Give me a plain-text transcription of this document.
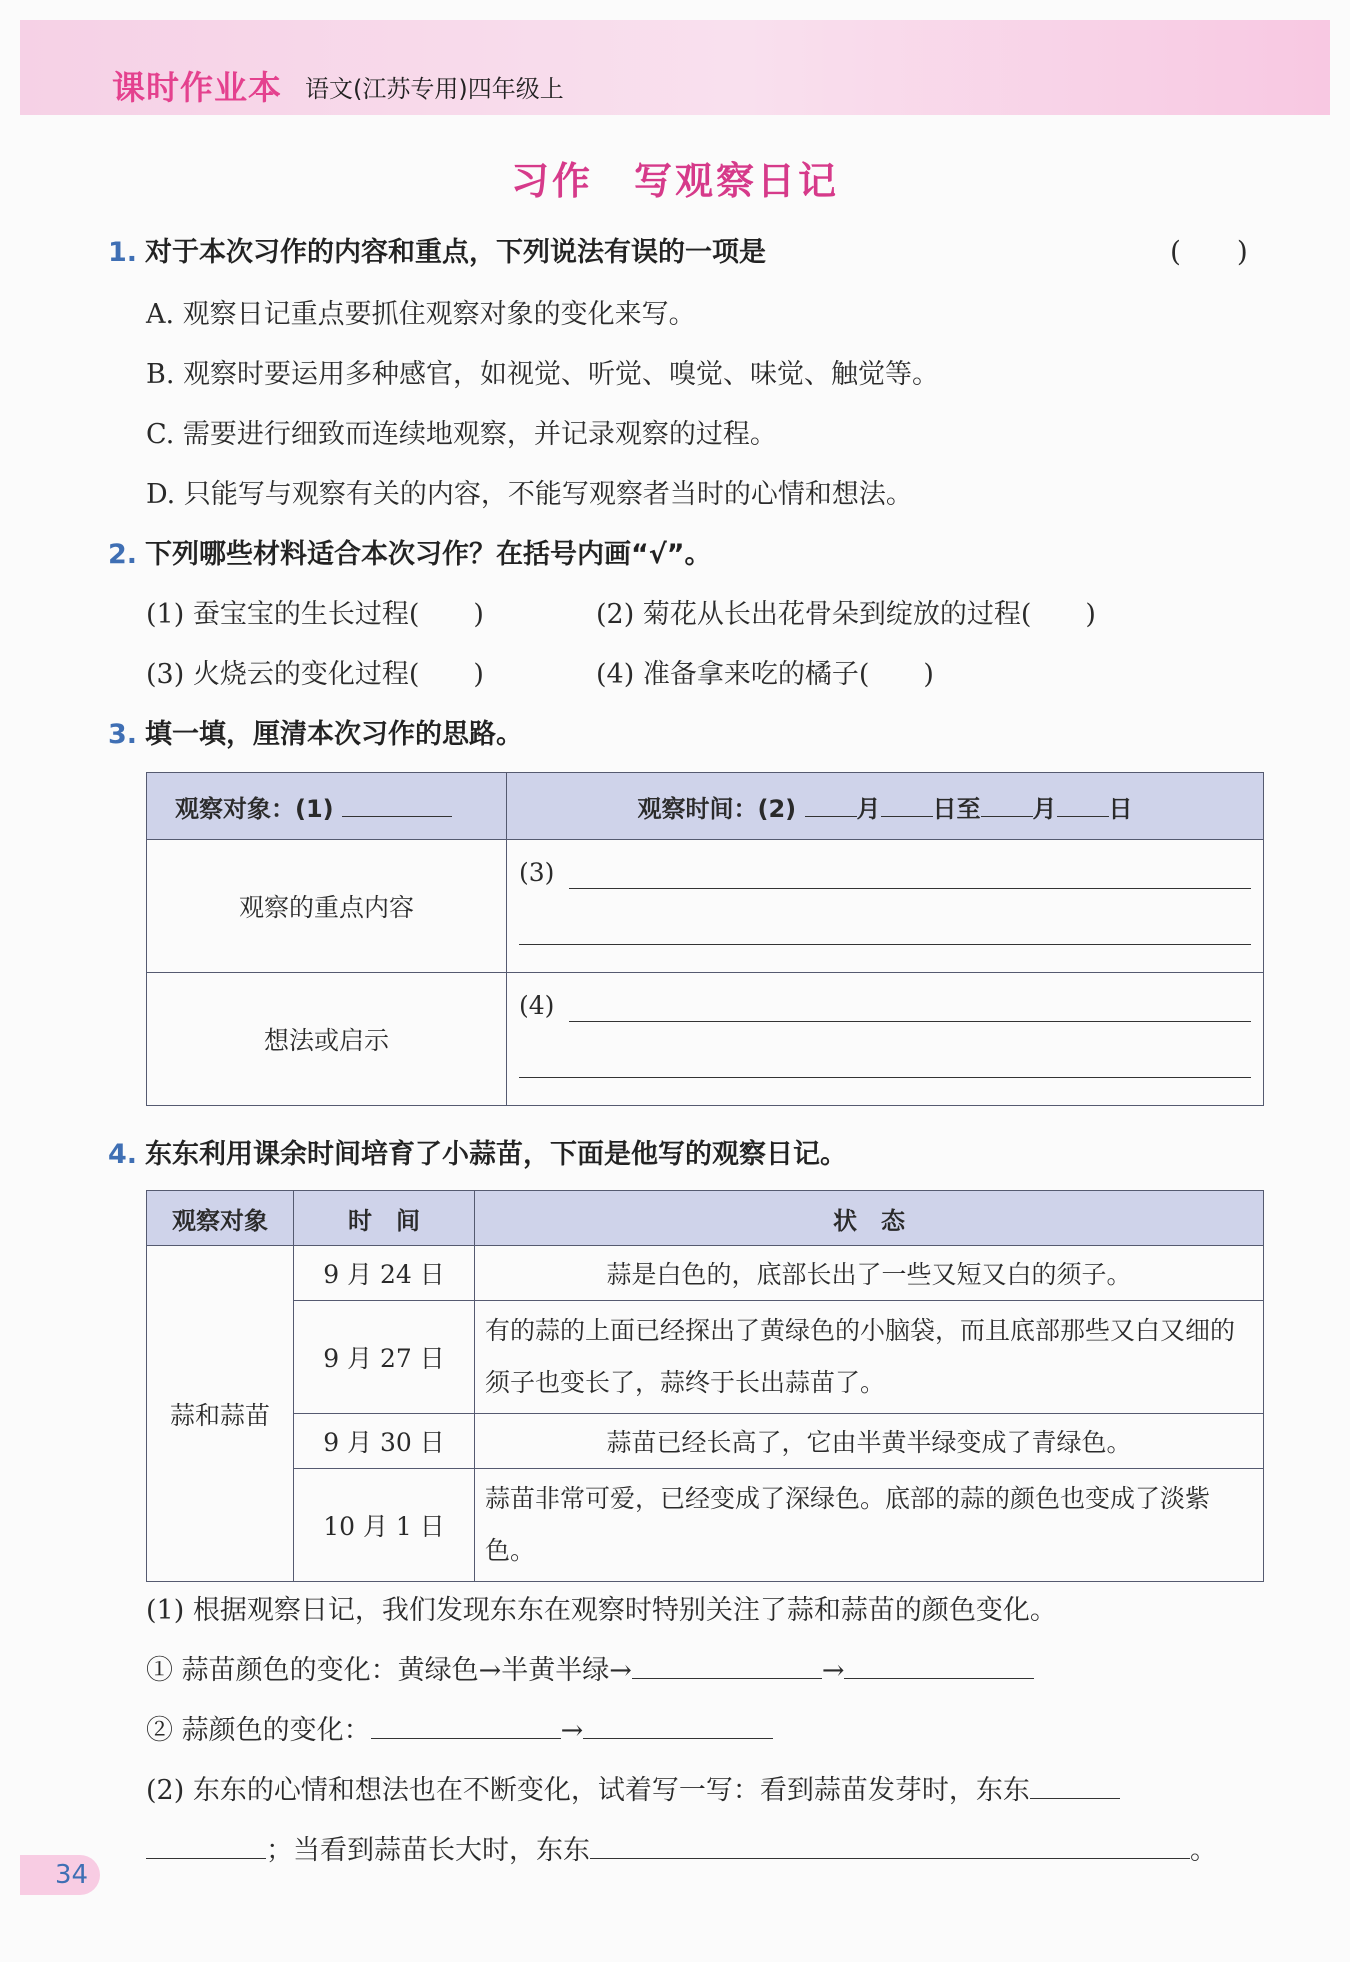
课时作业本 语文(江苏专用)四年级上
习作　写观察日记
1. 对于本次习作的内容和重点，下列说法有误的一项是	(　　)
A. 观察日记重点要抓住观察对象的变化来写。
B. 观察时要运用多种感官，如视觉、听觉、嗅觉、味觉、触觉等。
C. 需要进行细致而连续地观察，并记录观察的过程。
D. 只能写与观察有关的内容，不能写观察者当时的心情和想法。
2. 下列哪些材料适合本次习作？在括号内画“√”。
(1) 蚕宝宝的生长过程(　　)	(2) 菊花从长出花骨朵到绽放的过程(　　)
(3) 火烧云的变化过程(　　)	(4) 准备拿来吃的橘子(　　)
3. 填一填，厘清本次习作的思路。
观察对象：(1)	观察时间：(2) 月 日至 月 日
观察的重点内容	(3)

想法或启示	(4)
4. 东东利用课余时间培育了小蒜苗，下面是他写的观察日记。
观察对象	时　间	状　态
蒜和蒜苗	9 月 24 日	蒜是白色的，底部长出了一些又短又白的须子。
	9 月 27 日	有的蒜的上面已经探出了黄绿色的小脑袋，而且底部那些又白又细的须子也变长了，蒜终于长出蒜苗了。
	9 月 30 日	蒜苗已经长高了，它由半黄半绿变成了青绿色。
	10 月 1 日	蒜苗非常可爱，已经变成了深绿色。底部的蒜的颜色也变成了淡紫色。
(1) 根据观察日记，我们发现东东在观察时特别关注了蒜和蒜苗的颜色变化。
① 蒜苗颜色的变化：黄绿色→半黄半绿→	→
② 蒜颜色的变化：	→
(2) 东东的心情和想法也在不断变化，试着写一写：看到蒜苗发芽时，东东
；当看到蒜苗长大时，东东	。
34
